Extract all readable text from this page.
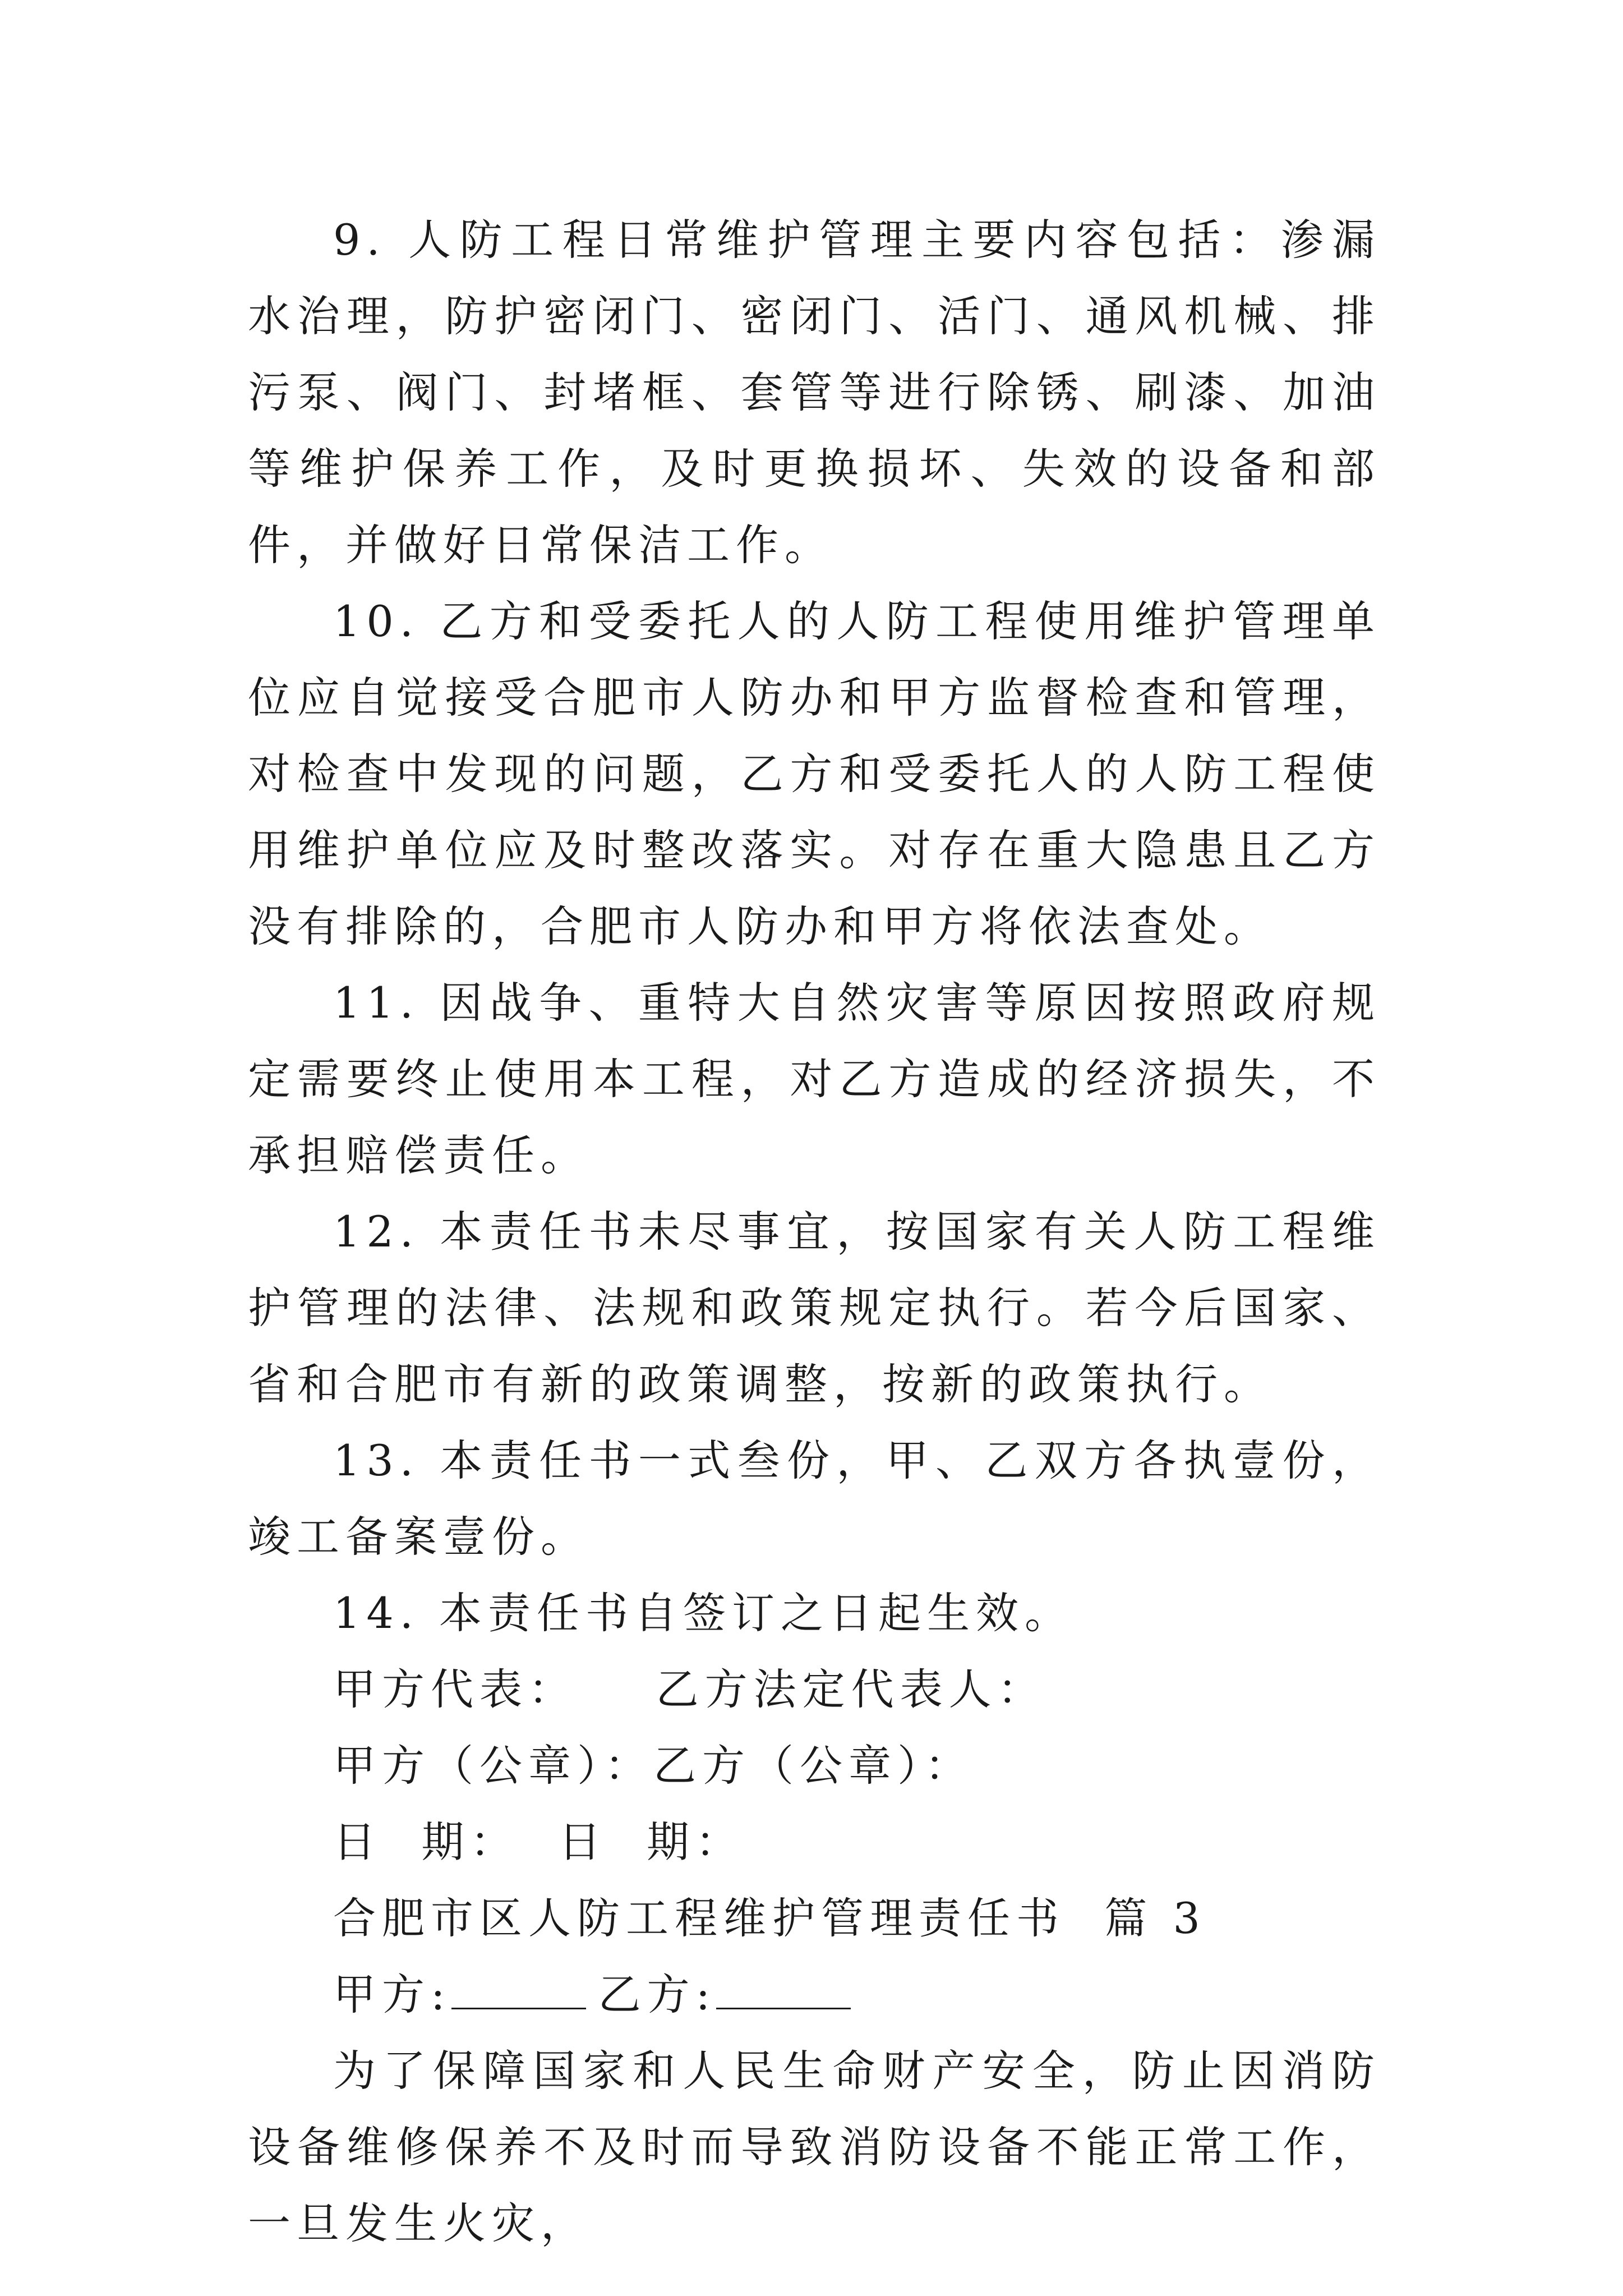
9. 人防工程日常维护管理主要内容包括：渗漏水治理，防护密闭门、密闭门、活门、通风机械、排污泵、阀门、封堵框、套管等进行除锈、刷漆、加油等维护保养工作，及时更换损坏、失效的设备和部件，并做好日常保洁工作。

10. 乙方和受委托人的人防工程使用维护管理单位应自觉接受合肥市人防办和甲方监督检查和管理，对检查中发现的问题，乙方和受委托人的人防工程使用维护单位应及时整改落实。对存在重大隐患且乙方没有排除的，合肥市人防办和甲方将依法查处。

11. 因战争、重特大自然灾害等原因按照政府规定需要终止使用本工程，对乙方造成的经济损失，不承担赔偿责任。

12. 本责任书未尽事宜，按国家有关人防工程维护管理的法律、法规和政策规定执行。若今后国家、省和合肥市有新的政策调整，按新的政策执行。

13. 本责任书一式叁份，甲、乙双方各执壹份，竣工备案壹份。

14. 本责任书自签订之日起生效。

甲方代表：    乙方法定代表人：

甲方（公章）：乙方（公章）：

日  期：  日  期：

合肥市区人防工程维护管理责任书  篇 3

甲方:	乙方:

为了保障国家和人民生命财产安全，防止因消防设备维修保养不及时而导致消防设备不能正常工作，一旦发生火灾，
